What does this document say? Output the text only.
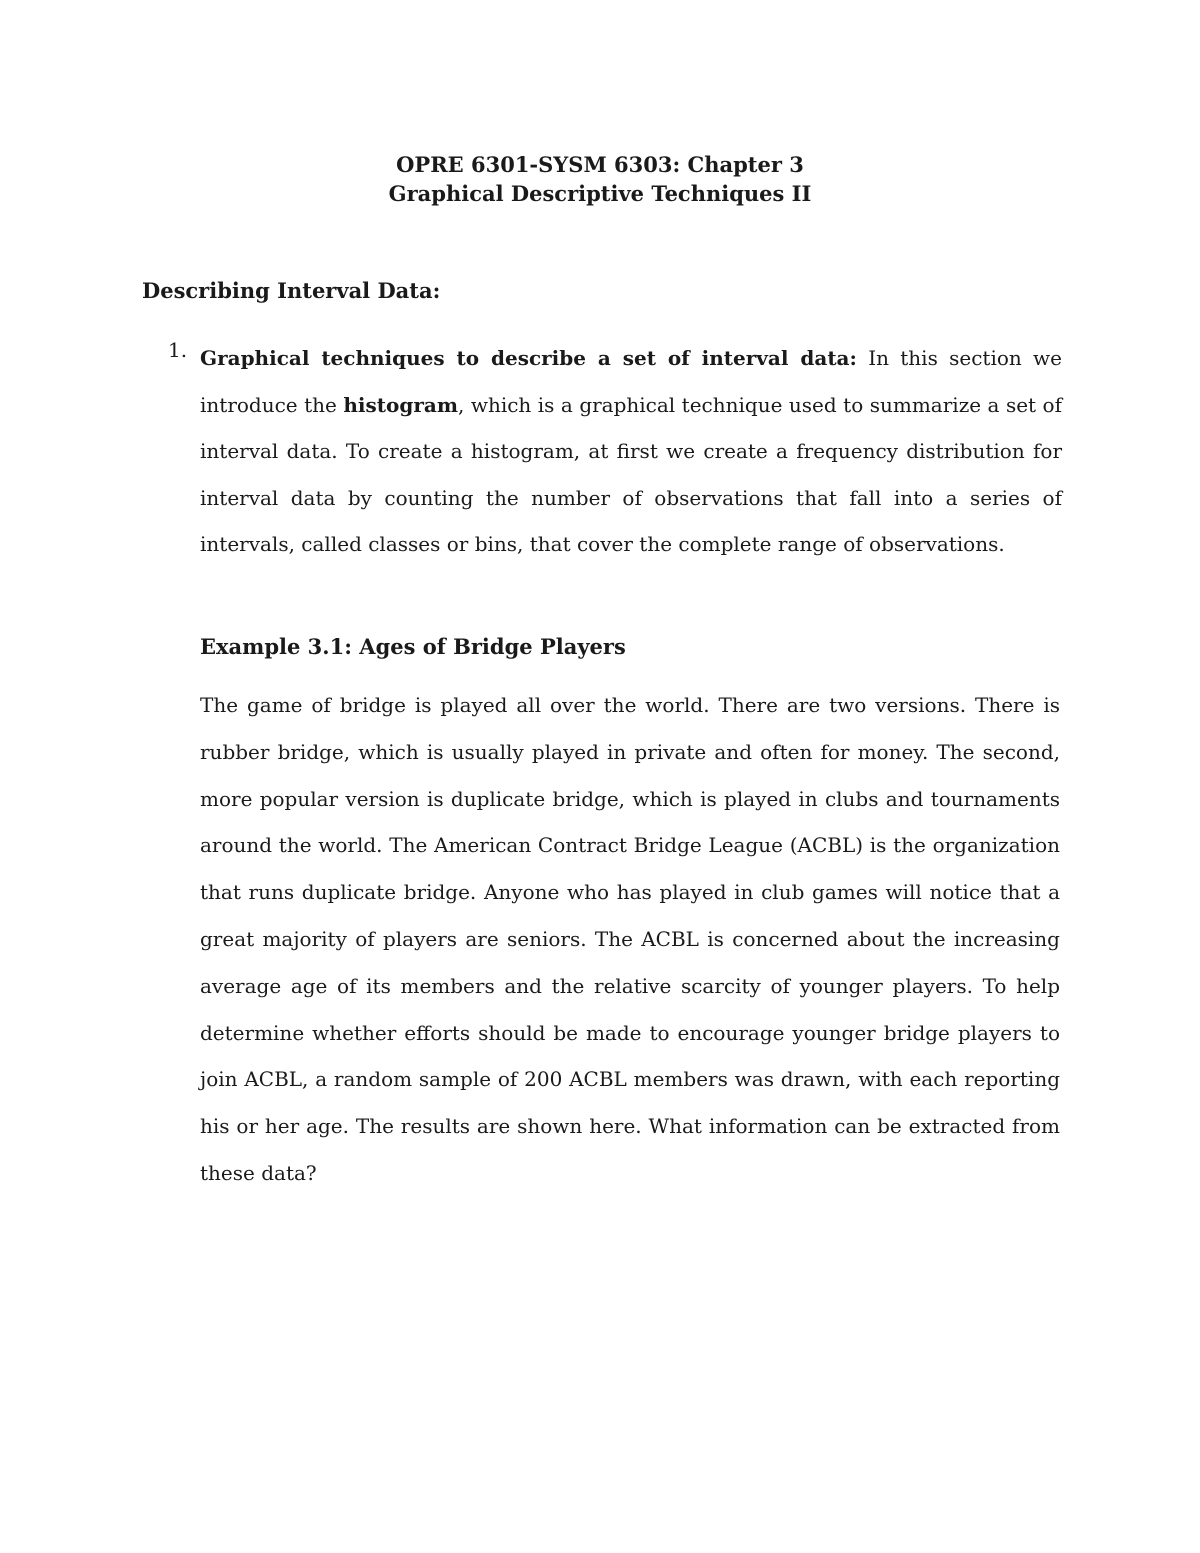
OPRE 6301-SYSM 6303: Chapter 3
Graphical Descriptive Techniques II
Describing Interval Data:
1. Graphical techniques to describe a set of interval data: In this section we introduce the histogram, which is a graphical technique used to summarize a set of interval data. To create a histogram, at first we create a frequency distribution for interval data by counting the number of observations that fall into a series of intervals, called classes or bins, that cover the complete range of observations.
Example 3.1: Ages of Bridge Players
The game of bridge is played all over the world. There are two versions. There is rubber bridge, which is usually played in private and often for money. The second, more popular version is duplicate bridge, which is played in clubs and tournaments around the world. The American Contract Bridge League (ACBL) is the organization that runs duplicate bridge. Anyone who has played in club games will notice that a great majority of players are seniors. The ACBL is concerned about the increasing average age of its members and the relative scarcity of younger players. To help determine whether efforts should be made to encourage younger bridge players to join ACBL, a random sample of 200 ACBL members was drawn, with each reporting his or her age. The results are shown here. What information can be extracted from these data?
